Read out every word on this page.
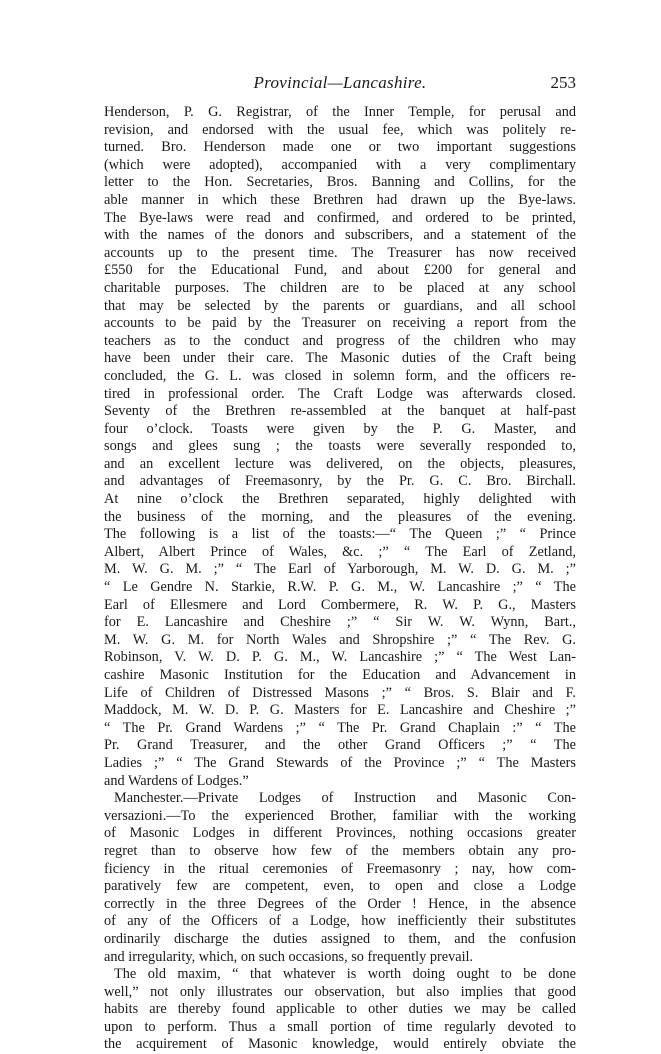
Provincial—Lancashire.	253
Henderson, P. G. Registrar, of the Inner Temple, for perusal and
revision, and endorsed with the usual fee, which was politely re-
turned. Bro. Henderson made one or two important suggestions
(which were adopted), accompanied with a very complimentary
letter to the Hon. Secretaries, Bros. Banning and Collins, for the
able manner in which these Brethren had drawn up the Bye-laws.
The Bye-laws were read and confirmed, and ordered to be printed,
with the names of the donors and subscribers, and a statement of the
accounts up to the present time. The Treasurer has now received
£550 for the Educational Fund, and about £200 for general and
charitable purposes. The children are to be placed at any school
that may be selected by the parents or guardians, and all school
accounts to be paid by the Treasurer on receiving a report from the
teachers as to the conduct and progress of the children who may
have been under their care. The Masonic duties of the Craft being
concluded, the G. L. was closed in solemn form, and the officers re-
tired in professional order. The Craft Lodge was afterwards closed.
Seventy of the Brethren re-assembled at the banquet at half-past
four o’clock. Toasts were given by the P. G. Master, and
songs and glees sung ; the toasts were severally responded to,
and an excellent lecture was delivered, on the objects, pleasures,
and advantages of Freemasonry, by the Pr. G. C. Bro. Birchall.
At nine o’clock the Brethren separated, highly delighted with
the business of the morning, and the pleasures of the evening.
The following is a list of the toasts:—“ The Queen ;” “ Prince
Albert, Albert Prince of Wales, &c. ;” “ The Earl of Zetland,
M. W. G. M. ;” “ The Earl of Yarborough, M. W. D. G. M. ;”
“ Le Gendre N. Starkie, R.W. P. G. M., W. Lancashire ;” “ The
Earl of Ellesmere and Lord Combermere, R. W. P. G., Masters
for E. Lancashire and Cheshire ;” “ Sir W. W. Wynn, Bart.,
M. W. G. M. for North Wales and Shropshire ;” “ The Rev. G.
Robinson, V. W. D. P. G. M., W. Lancashire ;” “ The West Lan-
cashire Masonic Institution for the Education and Advancement in
Life of Children of Distressed Masons ;” “ Bros. S. Blair and F.
Maddock, M. W. D. P. G. Masters for E. Lancashire and Cheshire ;”
“ The Pr. Grand Wardens ;” “ The Pr. Grand Chaplain :” “ The
Pr. Grand Treasurer, and the other Grand Officers ;” “ The
Ladies ;” “ The Grand Stewards of the Province ;” “ The Masters
and Wardens of Lodges.”
Manchester.—Private Lodges of Instruction and Masonic Con-
versazioni.—To the experienced Brother, familiar with the working
of Masonic Lodges in different Provinces, nothing occasions greater
regret than to observe how few of the members obtain any pro-
ficiency in the ritual ceremonies of Freemasonry ; nay, how com-
paratively few are competent, even, to open and close a Lodge
correctly in the three Degrees of the Order ! Hence, in the absence
of any of the Officers of a Lodge, how inefficiently their substitutes
ordinarily discharge the duties assigned to them, and the confusion
and irregularity, which, on such occasions, so frequently prevail.
The old maxim, “ that whatever is worth doing ought to be done
well,” not only illustrates our observation, but also implies that good
habits are thereby found applicable to other duties we may be called
upon to perform. Thus a small portion of time regularly devoted to
the acquirement of Masonic knowledge, would entirely obviate the
